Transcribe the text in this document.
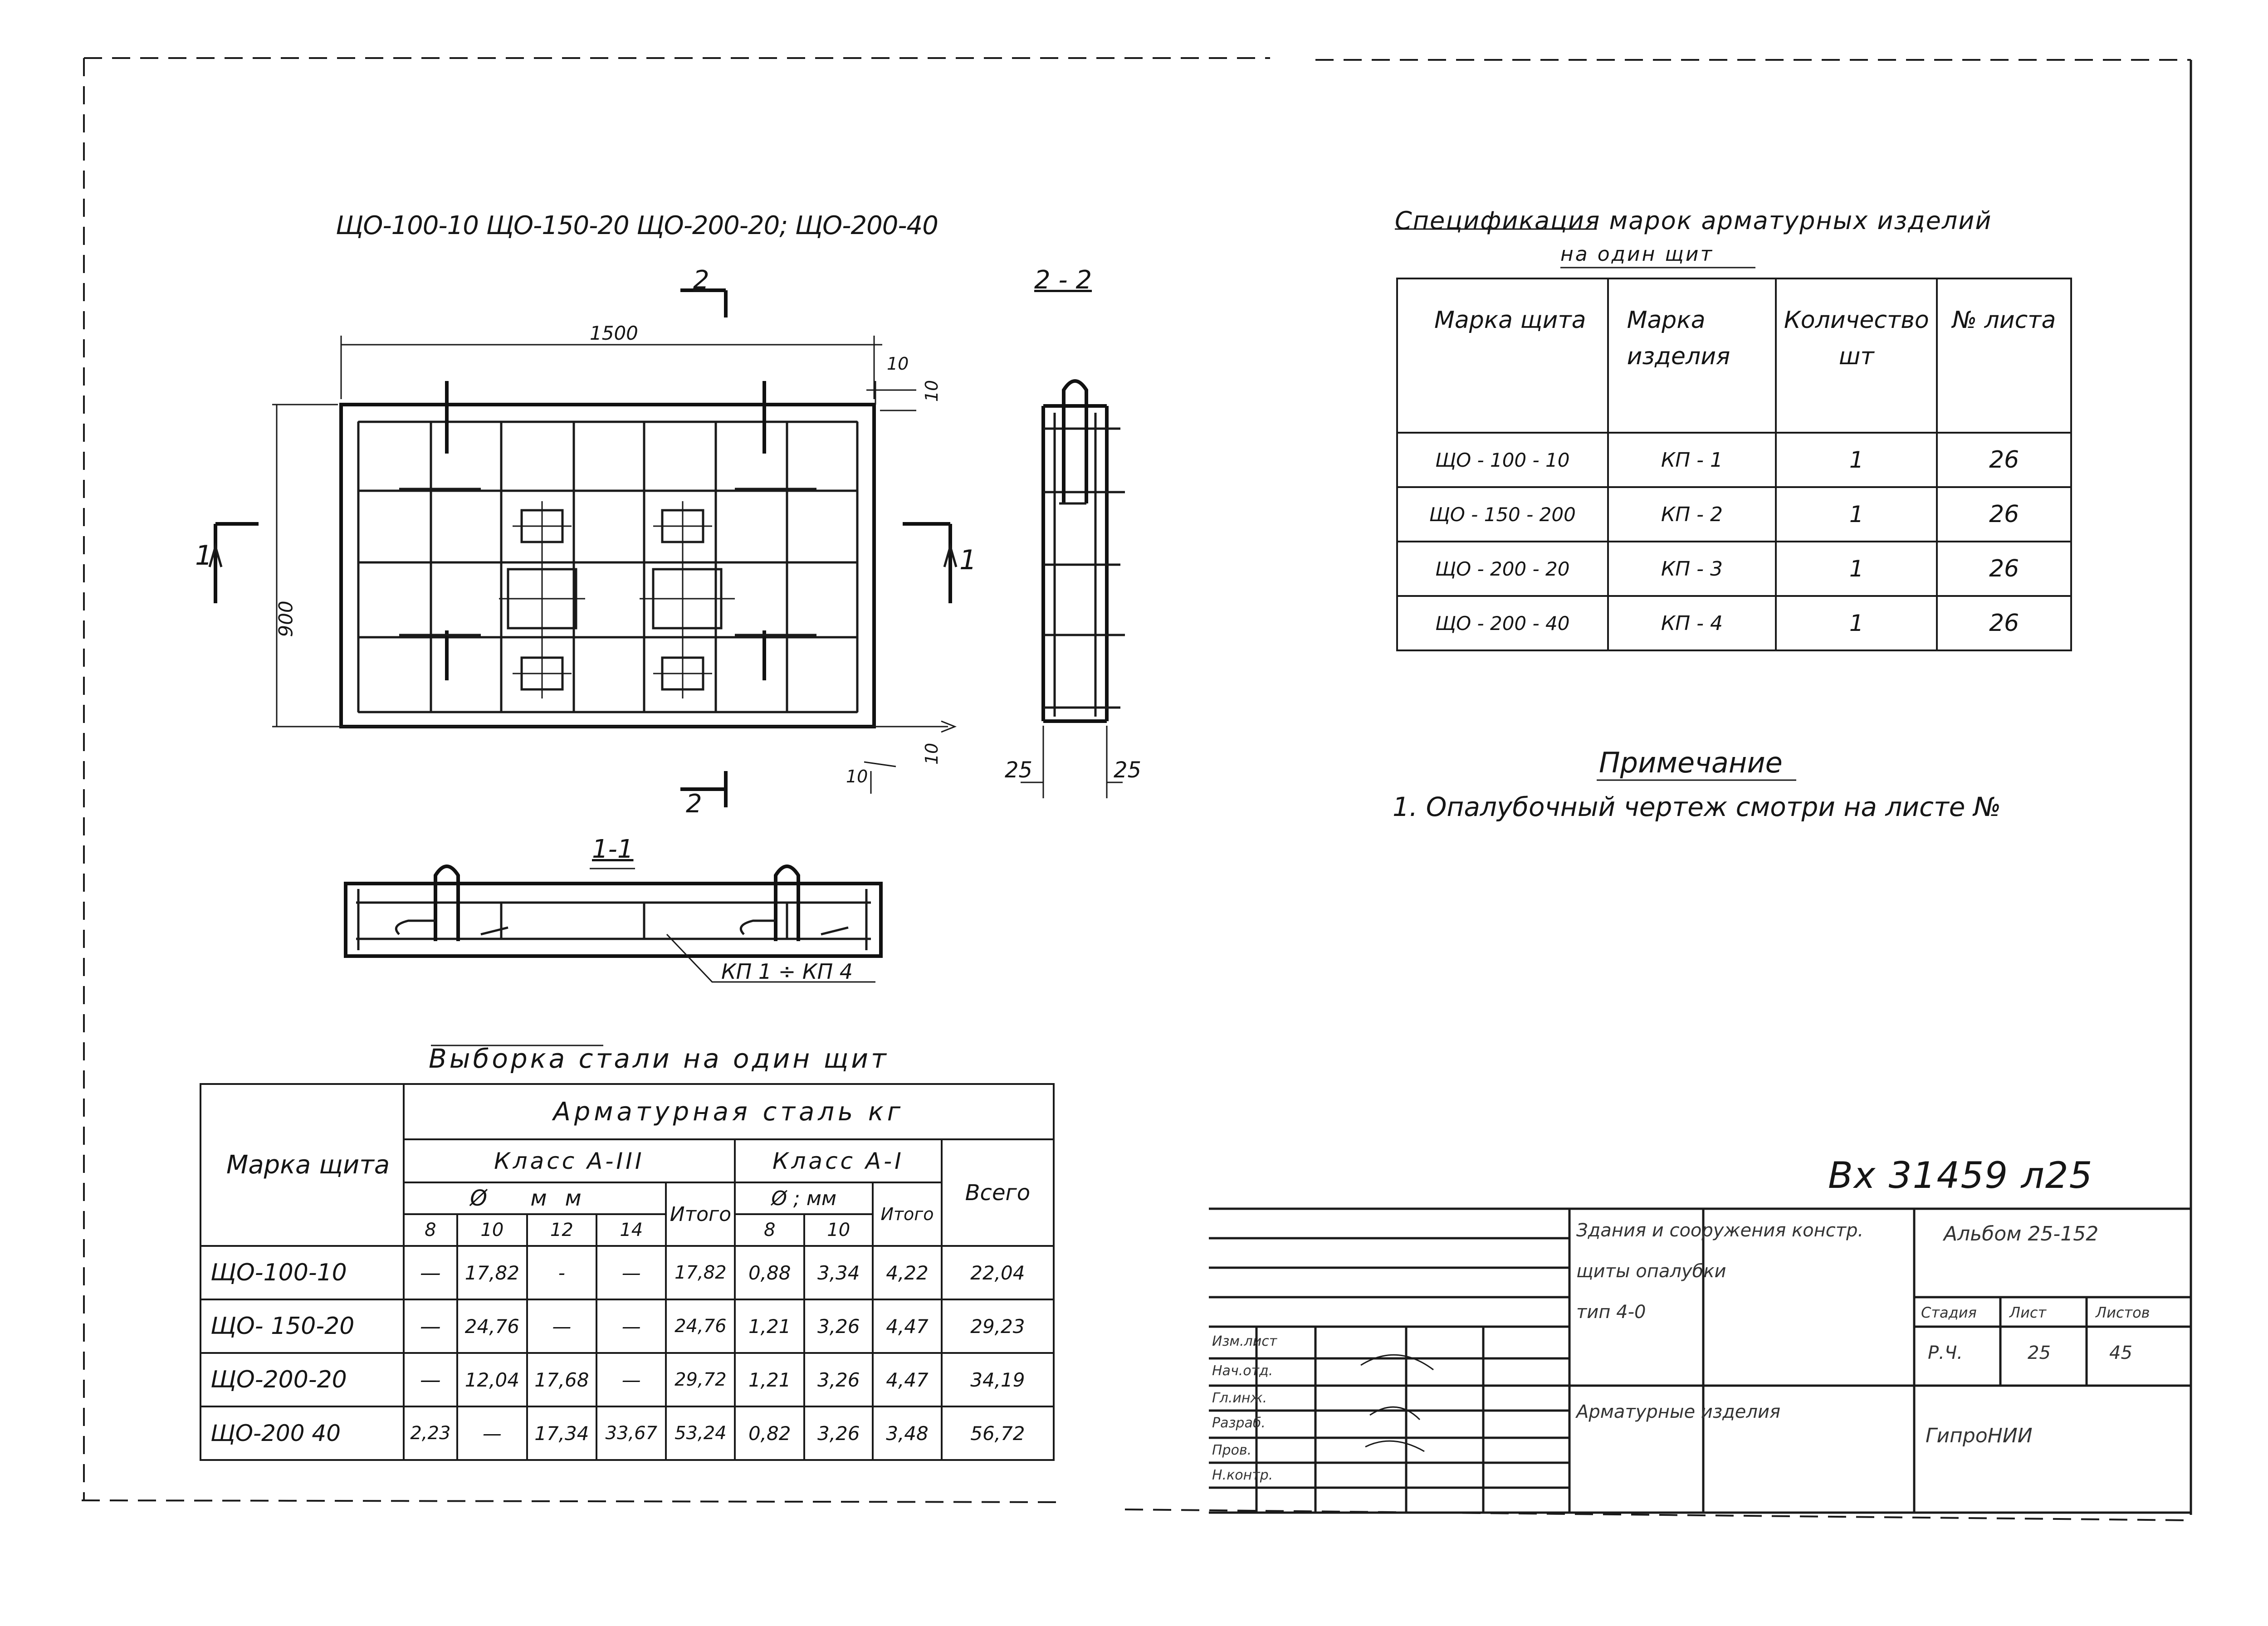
ЩО-100-10 ЩО-150-20 ЩО-200-20; ЩО-200-40
2	2 - 2
1500
900
10
10
10
10
1	1
2
25	25
1-1
КП 1 ÷ КП 4
Спецификация марок арматурных изделий
на один щит
Марка щита	Марка изделия	Количество шт	№ листа
ЩО - 100 - 10	КП - 1	1	26
ЩО - 150 - 200	КП - 2	1	26
ЩО - 200 - 20	КП - 3	1	26
ЩО - 200 - 40	КП - 4	1	26
Примечание
1. Опалубочный чертеж смотри на листе №
Выборка стали на один щит
Марка щита	Арматурная сталь кг								
	Класс А-III					Класс А-I			Всего
	Ø мм				Итого	Ø ; мм		Итого	
	8	10	12	14		8	10		
ЩО-100-10	—	17,82	-	—	17,82	0,88	3,34	4,22	22,04
ЩО- 150-20	—	24,76	—	—	24,76	1,21	3,26	4,47	29,23
ЩО-200-20	—	12,04	17,68	—	29,72	1,21	3,26	4,47	34,19
ЩО-200 40	2,23	—	17,34	33,67	53,24	0,82	3,26	3,48	56,72
Вх 31459 л25
Альбом 25-152
Здания и сооружения констр.
щиты опалубки
тип 4-0	Стадия Лист	Листов
Р.Ч.	25	45
Арматурные изделия
ГипроНИИ
Изм.лист
Нач.отд.
Гл.инж.
Разраб.
Пров.
Н.контр.
